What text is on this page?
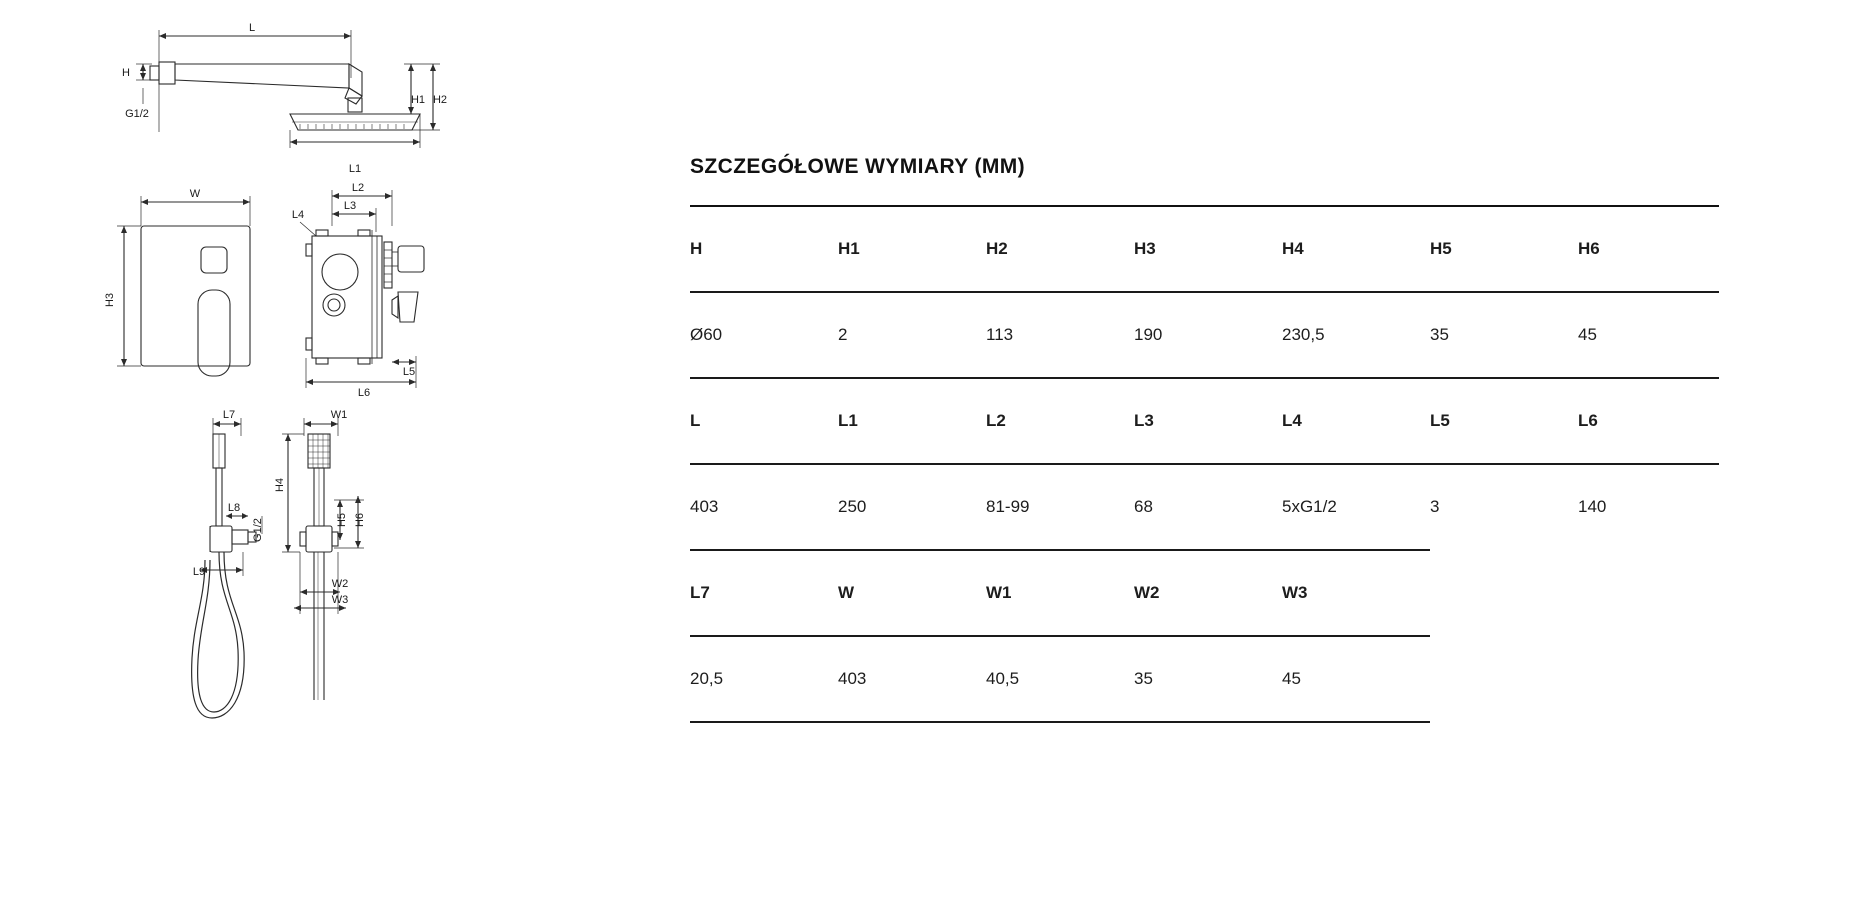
L
L1
H
G1/2
H1 H2
W
H3
L2
L3
L4
L5
L6
L7
L8
G1/2
L9
W1
H4
H5 H6
W2
W3
SZCZEGÓŁOWE WYMIARY (MM)
H	H1	H2	H3	H4	H5	H6
Ø60	2	113	190	230,5	35	45
L	L1	L2	L3	L4	L5	L6
403	250	81-99	68	5xG1/2	3	140
L7	W	W1	W2	W3		
20,5	403	40,5	35	45		
